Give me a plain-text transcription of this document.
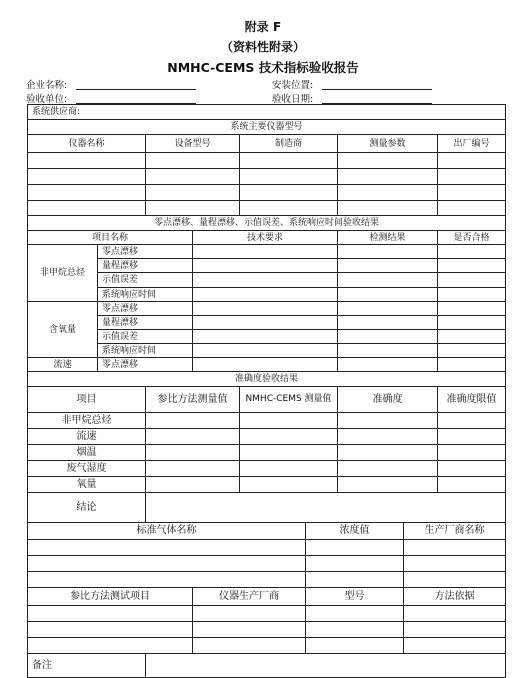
附录 F
（资料性附录）
NMHC-CEMS 技术指标验收报告
企业名称:	安装位置:
验收单位:	验收日期:
系统供应商:								
系统主要仪器型号								
仪器名称		设备型号		制造商		测量参数		出厂编号

零点漂移、量程漂移、示值误差、系统响应时间验收结果								
项目名称			技术要求			检测结果		是否合格
非甲烷总烃	零点漂移							
	量程漂移							
	示值误差							
	系统响应时间							
含氧量	零点漂移							
	量程漂移							
	示值误差							
	系统响应时间							
流速	零点漂移							
准确度验收结果								
项目		参比方法测量值		NMHC-CEMS 测量值		准确度		准确度限值
非甲烷总烃								
流速								
烟温								
废气湿度								
氧量								
结论								
标准气体名称					浓度值		生产厂商名称	

参比方法测试项目			仪器生产厂商		型号		方法依据	

备注								
